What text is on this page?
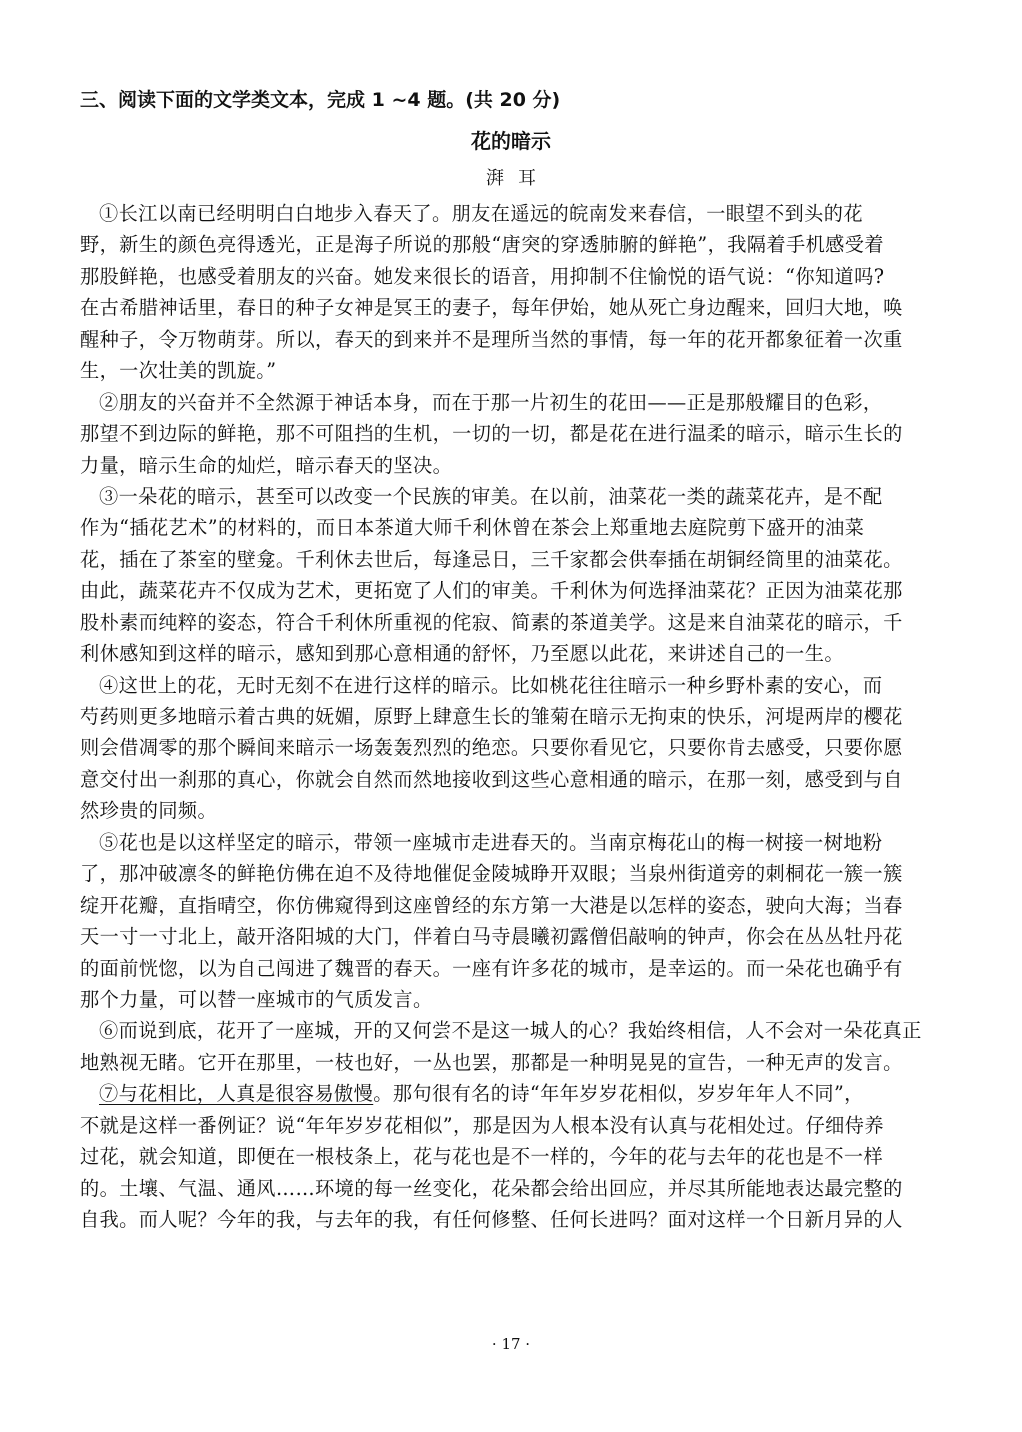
三、阅读下面的文学类文本，完成 1 ~4 题。(共 20 分)
花的暗示
湃耳
①长江以南已经明明白白地步入春天了。朋友在遥远的皖南发来春信，一眼望不到头的花
野，新生的颜色亮得透光，正是海子所说的那般“唐突的穿透肺腑的鲜艳”，我隔着手机感受着
那股鲜艳，也感受着朋友的兴奋。她发来很长的语音，用抑制不住愉悦的语气说：“你知道吗?
在古希腊神话里，春日的种子女神是冥王的妻子，每年伊始，她从死亡身边醒来，回归大地，唤
醒种子，令万物萌芽。所以，春天的到来并不是理所当然的事情，每一年的花开都象征着一次重
生，一次壮美的凯旋。”
②朋友的兴奋并不全然源于神话本身，而在于那一片初生的花田——正是那般耀目的色彩，
那望不到边际的鲜艳，那不可阻挡的生机，一切的一切，都是花在进行温柔的暗示，暗示生长的
力量，暗示生命的灿烂，暗示春天的坚决。
③一朵花的暗示，甚至可以改变一个民族的审美。在以前，油菜花一类的蔬菜花卉，是不配
作为“插花艺术”的材料的，而日本茶道大师千利休曾在茶会上郑重地去庭院剪下盛开的油菜
花，插在了茶室的壁龛。千利休去世后，每逢忌日，三千家都会供奉插在胡铜经筒里的油菜花。
由此，蔬菜花卉不仅成为艺术，更拓宽了人们的审美。千利休为何选择油菜花？正因为油菜花那
股朴素而纯粹的姿态，符合千利休所重视的侘寂、简素的茶道美学。这是来自油菜花的暗示，千
利休感知到这样的暗示，感知到那心意相通的舒怀，乃至愿以此花，来讲述自己的一生。
④这世上的花，无时无刻不在进行这样的暗示。比如桃花往往暗示一种乡野朴素的安心，而
芍药则更多地暗示着古典的妩媚，原野上肆意生长的雏菊在暗示无拘束的快乐，河堤两岸的樱花
则会借凋零的那个瞬间来暗示一场轰轰烈烈的绝恋。只要你看见它，只要你肯去感受，只要你愿
意交付出一刹那的真心，你就会自然而然地接收到这些心意相通的暗示，在那一刻，感受到与自
然珍贵的同频。
⑤花也是以这样坚定的暗示，带领一座城市走进春天的。当南京梅花山的梅一树接一树地粉
了，那冲破凛冬的鲜艳仿佛在迫不及待地催促金陵城睁开双眼；当泉州街道旁的刺桐花一簇一簇
绽开花瓣，直指晴空，你仿佛窥得到这座曾经的东方第一大港是以怎样的姿态，驶向大海；当春
天一寸一寸北上，敲开洛阳城的大门，伴着白马寺晨曦初露僧侣敲响的钟声，你会在丛丛牡丹花
的面前恍惚，以为自己闯进了魏晋的春天。一座有许多花的城市，是幸运的。而一朵花也确乎有
那个力量，可以替一座城市的气质发言。
⑥而说到底，花开了一座城，开的又何尝不是这一城人的心？我始终相信，人不会对一朵花真正
地熟视无睹。它开在那里，一枝也好，一丛也罢，那都是一种明晃晃的宣告，一种无声的发言。
⑦与花相比，人真是很容易傲慢。那句很有名的诗“年年岁岁花相似，岁岁年年人不同”，
不就是这样一番例证？说“年年岁岁花相似”，那是因为人根本没有认真与花相处过。仔细侍养
过花，就会知道，即便在一根枝条上，花与花也是不一样的，今年的花与去年的花也是不一样
的。土壤、气温、通风……环境的每一丝变化，花朵都会给出回应，并尽其所能地表达最完整的
自我。而人呢？今年的我，与去年的我，有任何修整、任何长进吗？面对这样一个日新月异的人
· 17 ·
